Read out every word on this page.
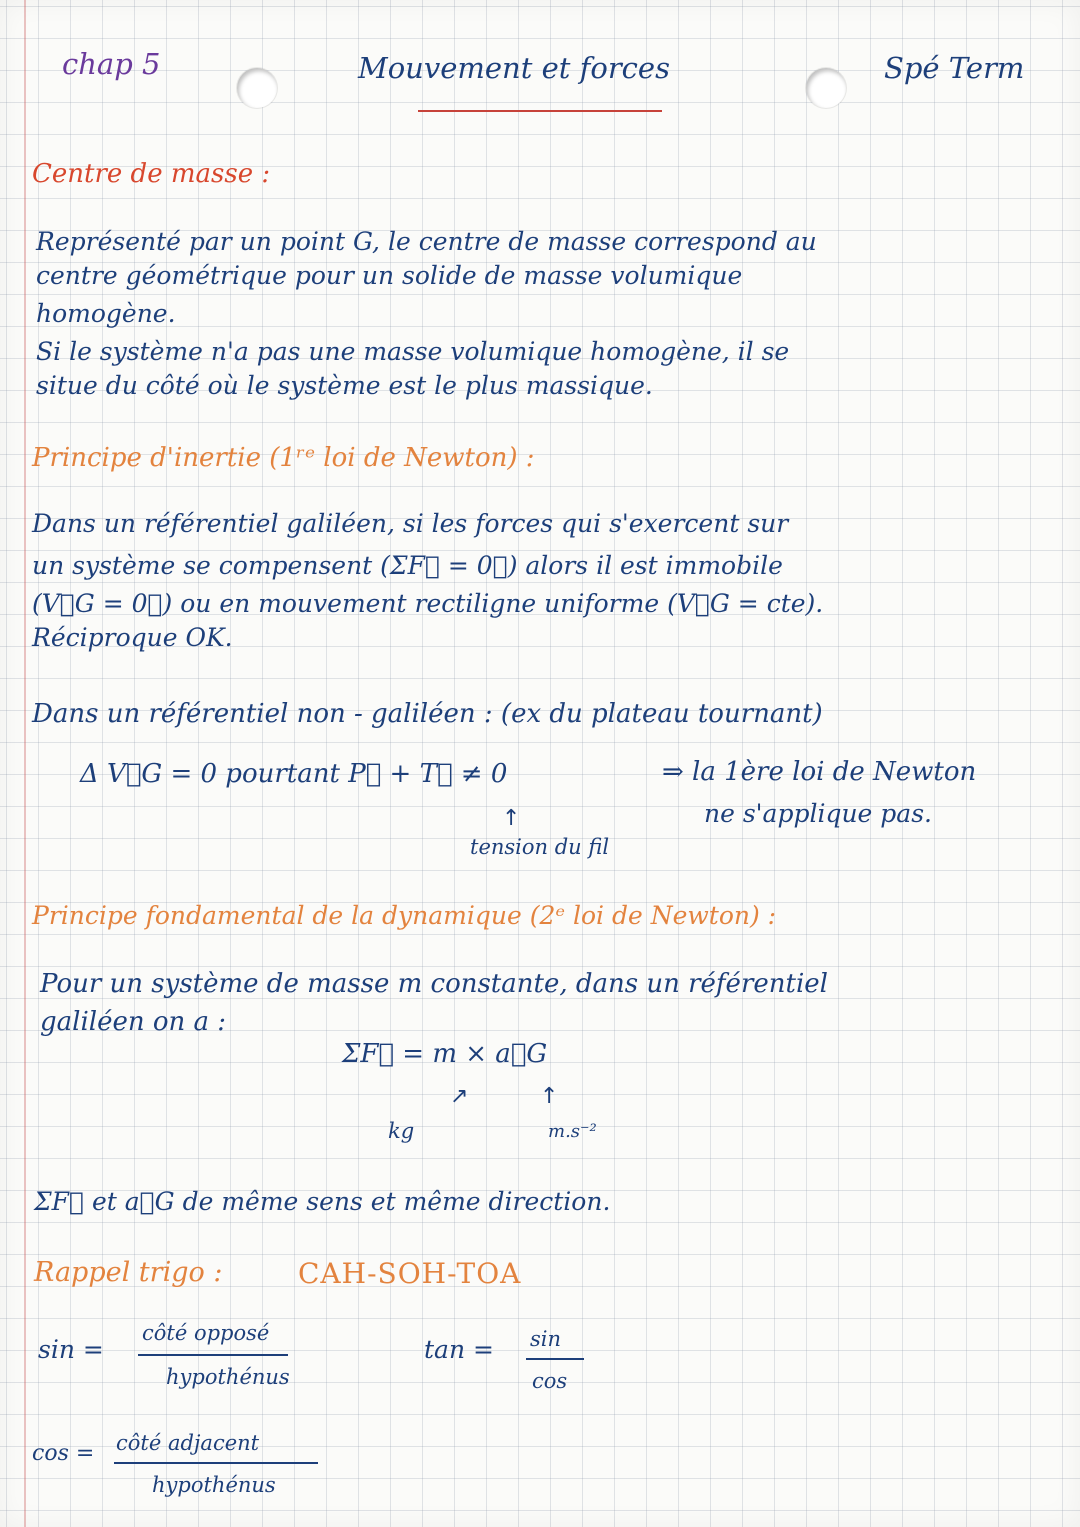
chap 5	Mouvement et forces	Spé Term

Centre de masse :

Représenté par un point G, le centre de masse correspond au

centre géométrique pour un solide de masse volumique

homogène.

Si le système n'a pas une masse volumique homogène, il se

situe du côté où le système est le plus massique.

Principe d'inertie (1ʳᵉ loi de Newton) :

Dans un référentiel galiléen, si les forces qui s'exercent sur

un système se compensent (ΣF⃗ = 0⃗) alors il est immobile

(V⃗G = 0⃗) ou en mouvement rectiligne uniforme (V⃗G = cte).

Réciproque OK.

Dans un référentiel non - galiléen : (ex du plateau tournant)

Δ V⃗G = 0 pourtant P⃗ + T⃗ ≠ 0	⇒ la 1ère loi de Newton

ne s'applique pas.

↑

tension du fil

Principe fondamental de la dynamique (2ᵉ loi de Newton) :

Pour un système de masse m constante, dans un référentiel

galiléen on a :

ΣF⃗ = m × a⃗G

↗	↑

kg	m.s⁻²

ΣF⃗ et a⃗G de même sens et même direction.

Rappel trigo :	CAH-SOH-TOA

sin =

côté opposé

hypothénus

tan = sin

cos

cos = côté adjacent

hypothénus
